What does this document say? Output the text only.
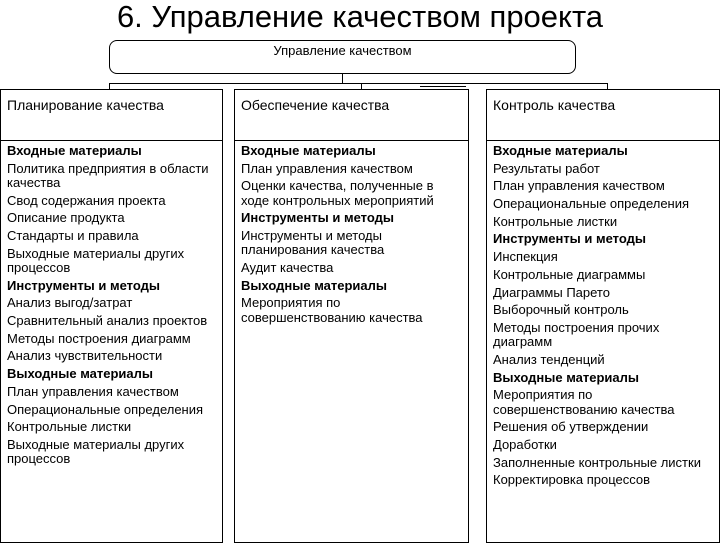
6. Управление качеством проекта
Управление качеством
Планирование качества
Входные материалы
Политика предприятия в области качества
Свод содержания проекта
Описание продукта
Стандарты и правила
Выходные материалы других процессов
Инструменты и методы
Анализ выгод/затрат
Сравнительный анализ проектов
Методы построения диаграмм
Анализ чувствительности
Выходные материалы
План управления качеством
Операциональные определения
Контрольные листки
Выходные материалы других процессов
Обеспечение качества
Входные материалы
План управления качеством
Оценки качества, полученные в ходе контрольных мероприятий
Инструменты и методы
Инструменты и методы планирования качества
Аудит качества
Выходные материалы
Мероприятия по совершенствованию качества
Контроль качества
Входные материалы
Результаты работ
План управления качеством
Операциональные определения
Контрольные листки
Инструменты и методы
Инспекция
Контрольные диаграммы
Диаграммы Парето
Выборочный контроль
Методы построения прочих диаграмм
Анализ тенденций
Выходные материалы
Мероприятия по совершенствованию качества
Решения об утверждении
Доработки
Заполненные контрольные листки
Корректировка процессов
